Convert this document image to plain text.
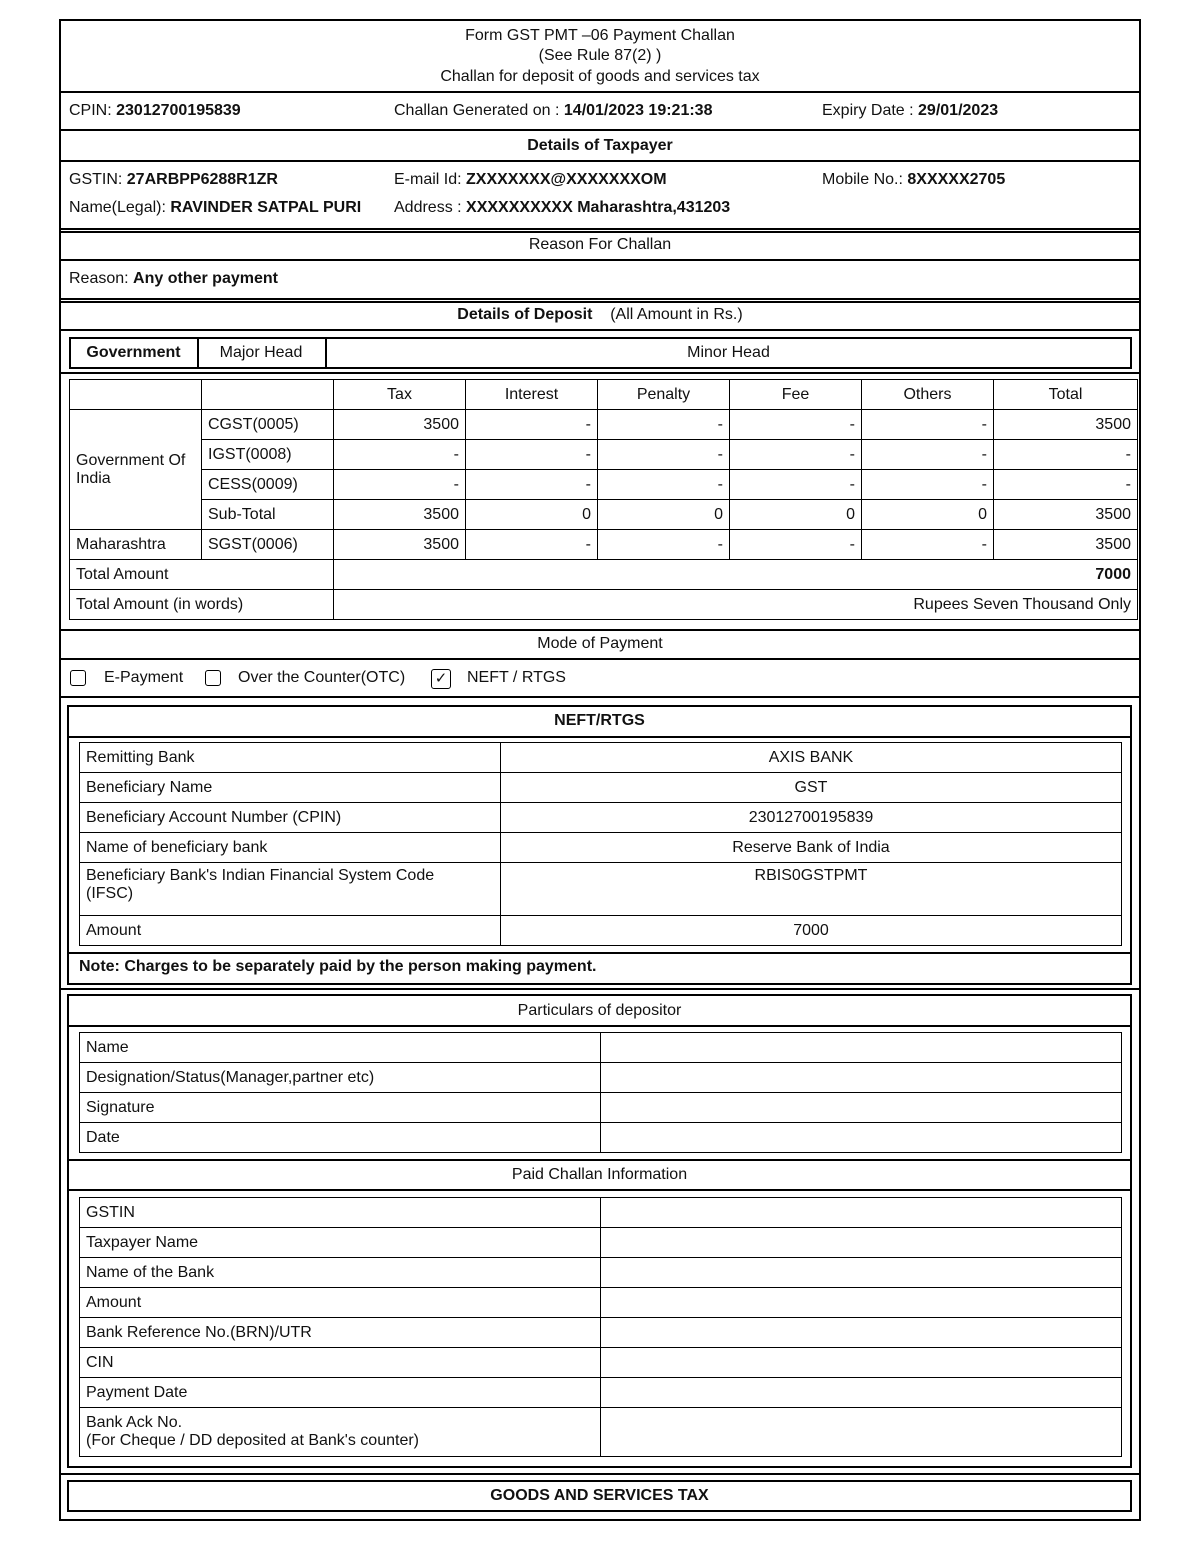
Form GST PMT –06 Payment Challan
(See Rule 87(2) )
Challan for deposit of goods and services tax
CPIN: 23012700195839	Challan Generated on : 14/01/2023 19:21:38	Expiry Date : 29/01/2023
Details of Taxpayer
GSTIN: 27ARBPP6288R1ZR	E-mail Id: ZXXXXXXX@XXXXXXXOM	Mobile No.: 8XXXXX2705
Name(Legal): RAVINDER SATPAL PURI Address : XXXXXXXXXX Maharashtra,431203
Reason For Challan
Reason: Any other payment
Details of Deposit (All Amount in Rs.)
Government	Major Head	Minor Head
		Tax	Interest	Penalty	Fee	Others	Total
Government Of India	CGST(0005)	3500	-	-	-	-	3500
	IGST(0008)	-	-	-	-	-	-
	CESS(0009)	-	-	-	-	-	-
	Sub-Total	3500	0	0	0	0	3500
Maharashtra	SGST(0006)	3500	-	-	-	-	3500
Total Amount		7000					
Total Amount (in words)		Rupees Seven Thousand Only					
Mode of Payment
E-Payment	Over the Counter(OTC) ✓ NEFT / RTGS
NEFT/RTGS
Remitting Bank	AXIS BANK
Beneficiary Name	GST
Beneficiary Account Number (CPIN)	23012700195839
Name of beneficiary bank	Reserve Bank of India

Beneficiary Bank's Indian Financial System Code
(IFSC)	RBIS0GSTPMT
Amount	7000
Note: Charges to be separately paid by the person making payment.
Particulars of depositor
Name	
Designation/Status(Manager,partner etc)	
Signature	
Date	
Paid Challan Information
GSTIN	
Taxpayer Name	
Name of the Bank	
Amount	
Bank Reference No.(BRN)/UTR	
CIN	
Payment Date	

Bank Ack No.
(For Cheque / DD deposited at Bank's counter)	

GOODS AND SERVICES TAX
